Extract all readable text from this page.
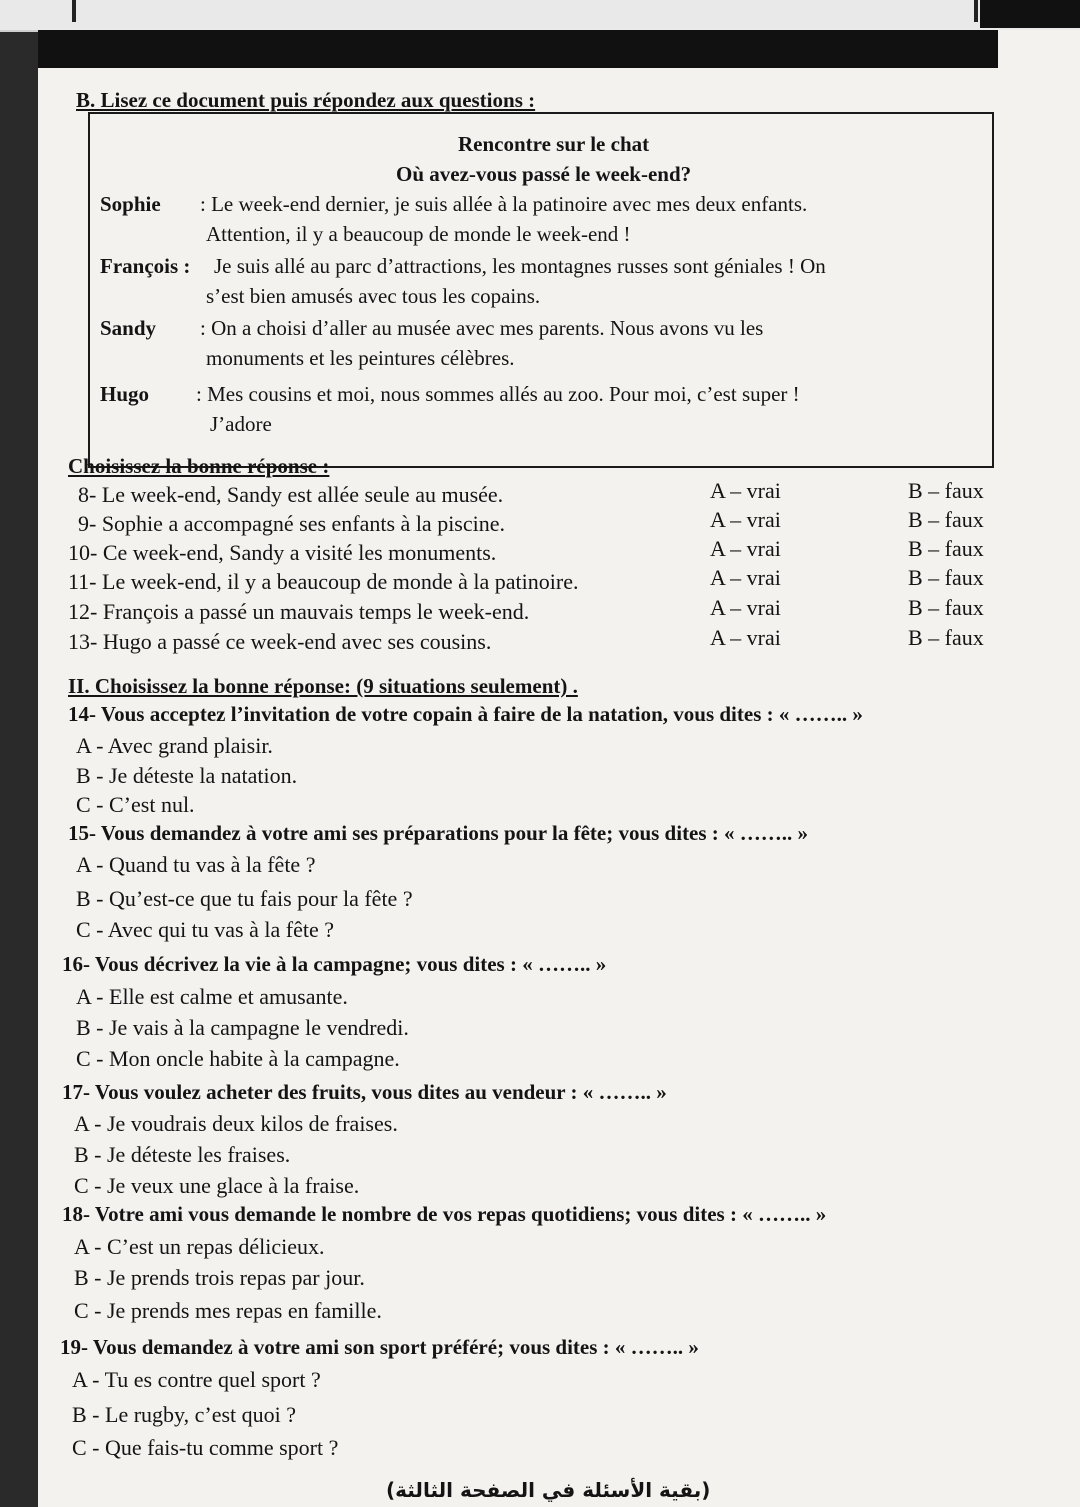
B. Lisez ce document puis répondez aux questions :
Rencontre sur le chat
Où avez-vous passé le week-end?
Sophie : Le week-end dernier, je suis allée à la patinoire avec mes deux enfants.
Attention, il y a beaucoup de monde le week-end !
François : Je suis allé au parc d’attractions, les montagnes russes sont géniales ! On
s’est bien amusés avec tous les copains.
Sandy : On a choisi d’aller au musée avec mes parents. Nous avons vu les
monuments et les peintures célèbres.
Hugo : Mes cousins et moi, nous sommes allés au zoo. Pour moi, c’est super !
J’adore
Choisissez la bonne réponse :
8- Le week-end, Sandy est allée seule au musée.	A – vrai	B – faux
9- Sophie a accompagné ses enfants à la piscine.	A – vrai	B – faux
10- Ce week-end, Sandy a visité les monuments.	A – vrai	B – faux
11- Le week-end, il y a beaucoup de monde à la patinoire.	A – vrai	B – faux
12- François a passé un mauvais temps le week-end.	A – vrai	B – faux
13- Hugo a passé ce week-end avec ses cousins.	A – vrai	B – faux
II. Choisissez la bonne réponse: (9 situations seulement) .
14- Vous acceptez l’invitation de votre copain à faire de la natation, vous dites : « …….. »
A - Avec grand plaisir.
B - Je déteste la natation.
C - C’est nul.
15- Vous demandez à votre ami ses préparations pour la fête; vous dites : « …….. »
A - Quand tu vas à la fête ?
B - Qu’est-ce que tu fais pour la fête ?
C - Avec qui tu vas à la fête ?
16- Vous décrivez la vie à la campagne; vous dites : « …….. »
A - Elle est calme et amusante.
B - Je vais à la campagne le vendredi.
C - Mon oncle habite à la campagne.
17- Vous voulez acheter des fruits, vous dites au vendeur : « …….. »
A - Je voudrais deux kilos de fraises.
B - Je déteste les fraises.
C - Je veux une glace à la fraise.
18- Votre ami vous demande le nombre de vos repas quotidiens; vous dites : « …….. »
A - C’est un repas délicieux.
B - Je prends trois repas par jour.
C - Je prends mes repas en famille.
19- Vous demandez à votre ami son sport préféré; vous dites : « …….. »
A - Tu es contre quel sport ?
B - Le rugby, c’est quoi ?
C - Que fais-tu comme sport ?
(بقية الأسئلة في الصفحة الثالثة)
